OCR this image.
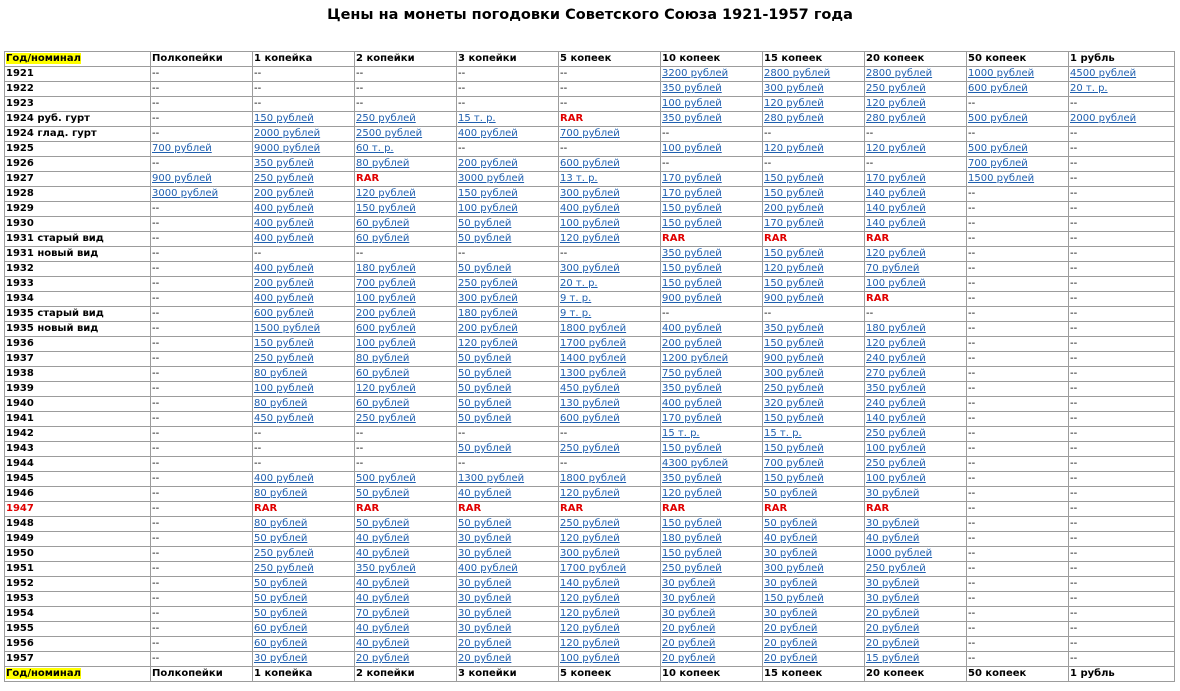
Цены на монеты погодовки Советского Союза 1921-1957 года
Год/номинал	Полкопейки	1 копейка	2 копейки	3 копейки	5 копеек	10 копеек	15 копеек	20 копеек	50 копеек	1 рубль
1921	--	--	--	--	--	3200 рублей	2800 рублей	2800 рублей	1000 рублей	4500 рублей
1922	--	--	--	--	--	350 рублей	300 рублей	250 рублей	600 рублей	20 т. р.
1923	--	--	--	--	--	100 рублей	120 рублей	120 рублей	--	--
1924 руб. гурт	--	150 рублей	250 рублей	15 т. р.	RAR	350 рублей	280 рублей	280 рублей	500 рублей	2000 рублей
1924 глад. гурт	--	2000 рублей	2500 рублей	400 рублей	700 рублей	--	--	--	--	--
1925	700 рублей	9000 рублей	60 т. р.	--	--	100 рублей	120 рублей	120 рублей	500 рублей	--
1926	--	350 рублей	80 рублей	200 рублей	600 рублей	--	--	--	700 рублей	--
1927	900 рублей	250 рублей	RAR	3000 рублей	13 т. р.	170 рублей	150 рублей	170 рублей	1500 рублей	--
1928	3000 рублей	200 рублей	120 рублей	150 рублей	300 рублей	170 рублей	150 рублей	140 рублей	--	--
1929	--	400 рублей	150 рублей	100 рублей	400 рублей	150 рублей	200 рублей	140 рублей	--	--
1930	--	400 рублей	60 рублей	50 рублей	100 рублей	150 рублей	170 рублей	140 рублей	--	--
1931 старый вид	--	400 рублей	60 рублей	50 рублей	120 рублей	RAR	RAR	RAR	--	--
1931 новый вид	--	--	--	--	--	350 рублей	150 рублей	120 рублей	--	--
1932	--	400 рублей	180 рублей	50 рублей	300 рублей	150 рублей	120 рублей	70 рублей	--	--
1933	--	200 рублей	700 рублей	250 рублей	20 т. р.	150 рублей	150 рублей	100 рублей	--	--
1934	--	400 рублей	100 рублей	300 рублей	9 т. р.	900 рублей	900 рублей	RAR	--	--
1935 старый вид	--	600 рублей	200 рублей	180 рублей	9 т. р.	--	--	--	--	--
1935 новый вид	--	1500 рублей	600 рублей	200 рублей	1800 рублей	400 рублей	350 рублей	180 рублей	--	--
1936	--	150 рублей	100 рублей	120 рублей	1700 рублей	200 рублей	150 рублей	120 рублей	--	--
1937	--	250 рублей	80 рублей	50 рублей	1400 рублей	1200 рублей	900 рублей	240 рублей	--	--
1938	--	80 рублей	60 рублей	50 рублей	1300 рублей	750 рублей	300 рублей	270 рублей	--	--
1939	--	100 рублей	120 рублей	50 рублей	450 рублей	350 рублей	250 рублей	350 рублей	--	--
1940	--	80 рублей	60 рублей	50 рублей	130 рублей	400 рублей	320 рублей	240 рублей	--	--
1941	--	450 рублей	250 рублей	50 рублей	600 рублей	170 рублей	150 рублей	140 рублей	--	--
1942	--	--	--	--	--	15 т. р.	15 т. р.	250 рублей	--	--
1943	--	--	--	50 рублей	250 рублей	150 рублей	150 рублей	100 рублей	--	--
1944	--	--	--	--	--	4300 рублей	700 рублей	250 рублей	--	--
1945	--	400 рублей	500 рублей	1300 рублей	1800 рублей	350 рублей	150 рублей	100 рублей	--	--
1946	--	80 рублей	50 рублей	40 рублей	120 рублей	120 рублей	50 рублей	30 рублей	--	--
1947	--	RAR	RAR	RAR	RAR	RAR	RAR	RAR	--	--
1948	--	80 рублей	50 рублей	50 рублей	250 рублей	150 рублей	50 рублей	30 рублей	--	--
1949	--	50 рублей	40 рублей	30 рублей	120 рублей	180 рублей	40 рублей	40 рублей	--	--
1950	--	250 рублей	40 рублей	30 рублей	300 рублей	150 рублей	30 рублей	1000 рублей	--	--
1951	--	250 рублей	350 рублей	400 рублей	1700 рублей	250 рублей	300 рублей	250 рублей	--	--
1952	--	50 рублей	40 рублей	30 рублей	140 рублей	30 рублей	30 рублей	30 рублей	--	--
1953	--	50 рублей	40 рублей	30 рублей	120 рублей	30 рублей	150 рублей	30 рублей	--	--
1954	--	50 рублей	70 рублей	30 рублей	120 рублей	30 рублей	30 рублей	20 рублей	--	--
1955	--	60 рублей	40 рублей	30 рублей	120 рублей	20 рублей	20 рублей	20 рублей	--	--
1956	--	60 рублей	40 рублей	20 рублей	120 рублей	20 рублей	20 рублей	20 рублей	--	--
1957	--	30 рублей	20 рублей	20 рублей	100 рублей	20 рублей	20 рублей	15 рублей	--	--
Год/номинал	Полкопейки	1 копейка	2 копейки	3 копейки	5 копеек	10 копеек	15 копеек	20 копеек	50 копеек	1 рубль
